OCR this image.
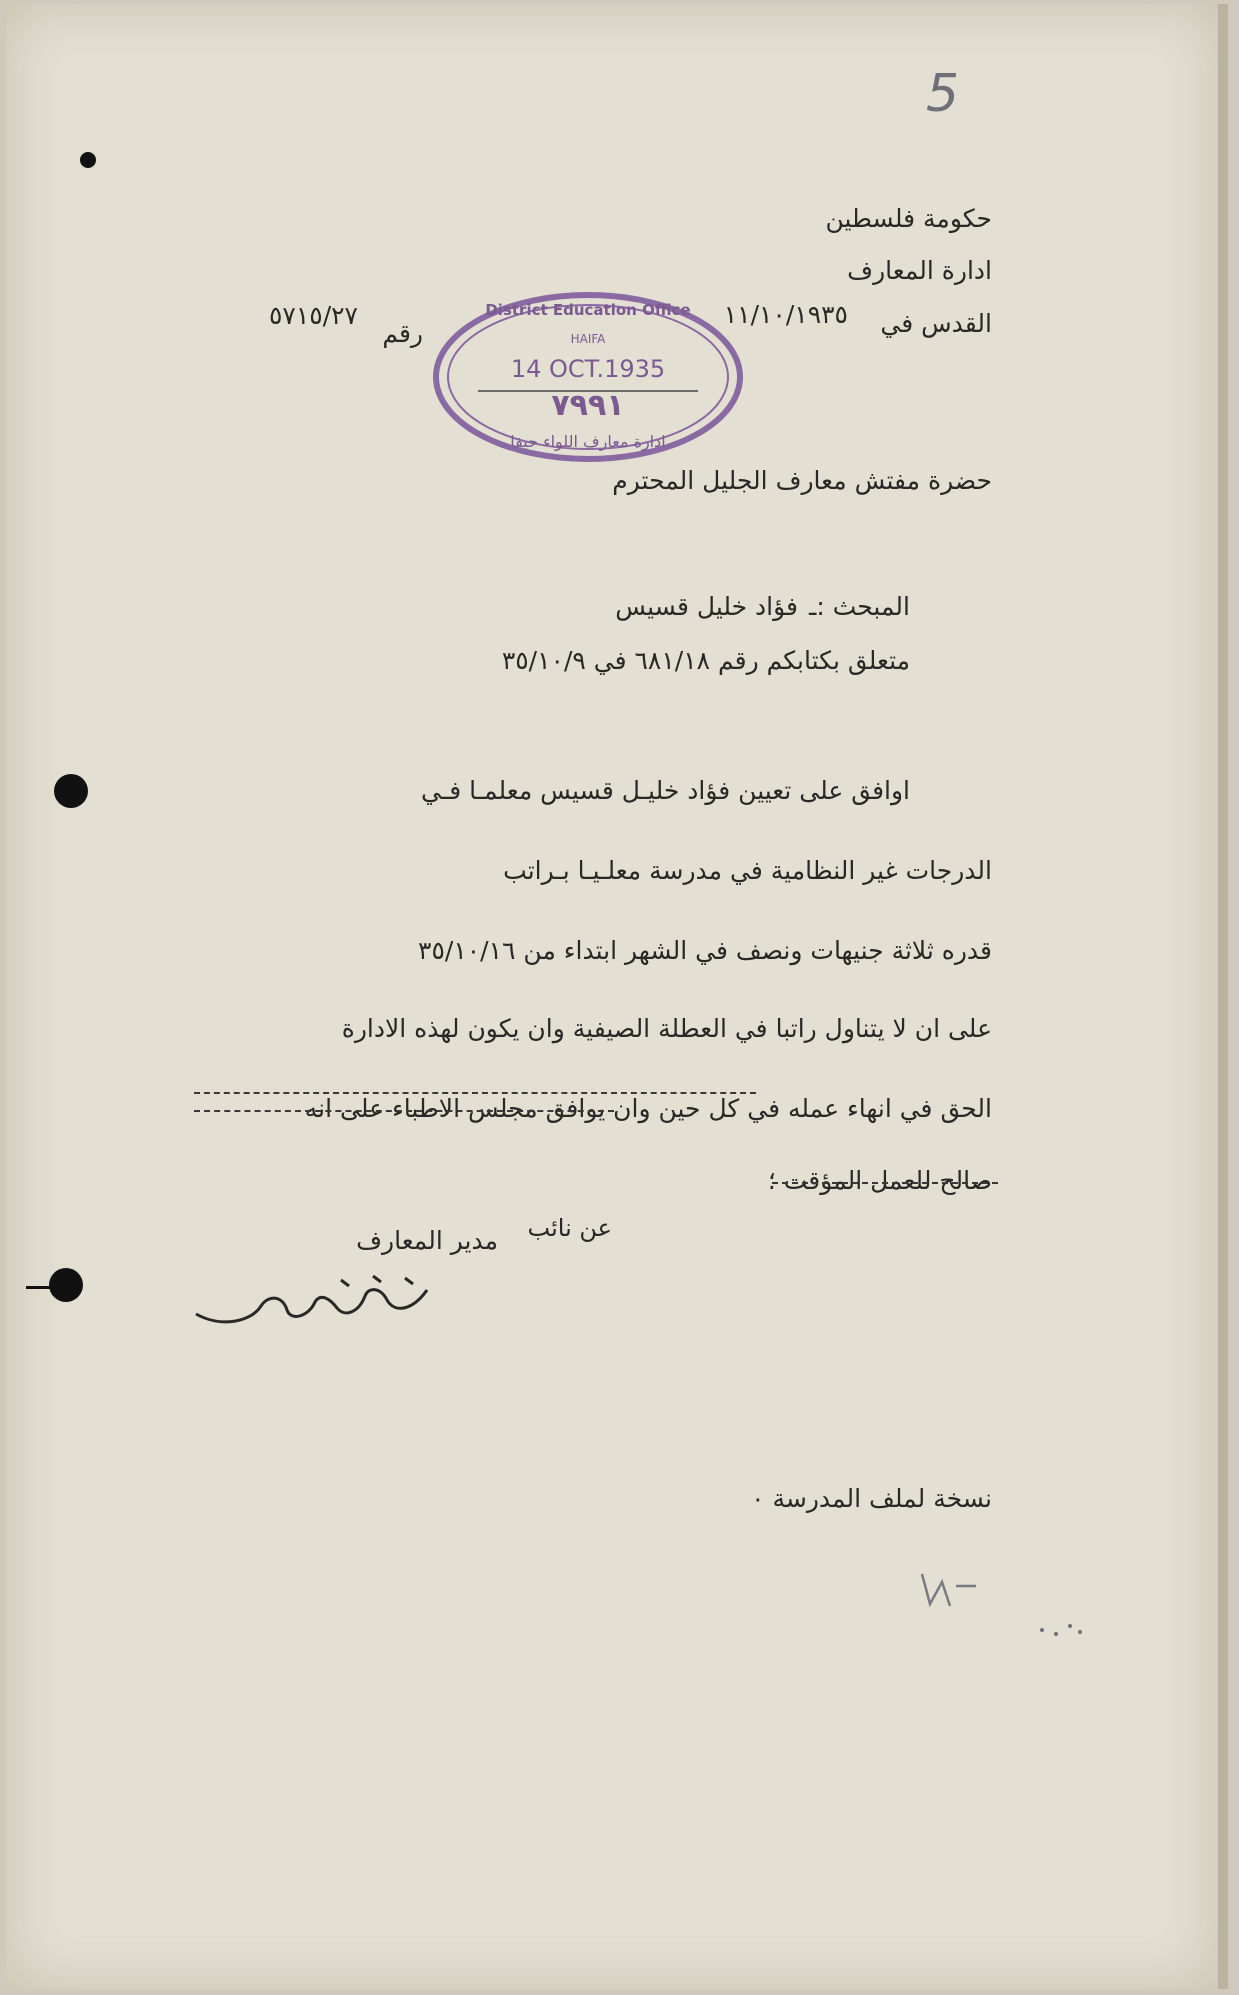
5
حكومة فلسطين
ادارة المعارف
القدس في
١١/١٠/١٩٣٥
رقم
٥٧١٥/٢٧	District Education Office
HAIFA
14 OCT.1935
٧٩٩١
ادارة معارف اللواء حيفا
حضرة مفتش معارف الجليل المحترم
المبحث :ـ
فؤاد خليل قسيس
متعلق بكتابكم رقم ٦٨١/١٨ في ٣٥/١٠/٩
اوافق على تعيين فؤاد خليـل قسيس معلمـا فـي
الدرجات غير النظامية في مدرسة معلـيـا بـراتب
قدره ثلاثة جنيهات ونصف في الشهر ابتداء من ٣٥/١٠/١٦
على ان لا يتناول راتبا في العطلة الصيفية وان يكون لهذه الادارة
الحق في انهاء عمله في كل حين وان يوافق مجلس الاطباء على انه
صالح للعمل المؤقت ؛
عن نائب
مدير المعارف
نسخة لملف المدرسة ٠
